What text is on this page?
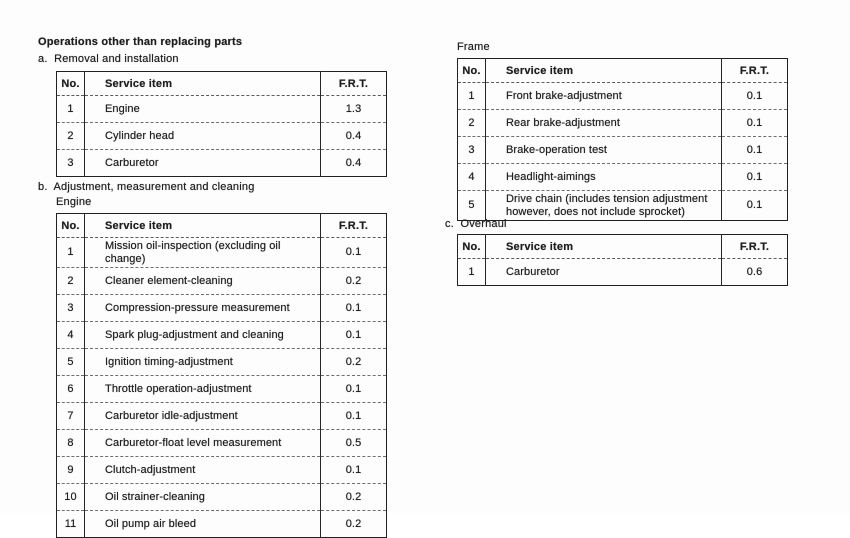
Operations other than replacing parts
a.  Removal and installation
No.	Service item	F.R.T.
1	Engine	1.3
2	Cylinder head	0.4
3	Carburetor	0.4
b.  Adjustment, measurement and cleaning
Engine
No.	Service item	F.R.T.
1	Mission oil-inspection (excluding oil change)	0.1
2	Cleaner element-cleaning	0.2
3	Compression-pressure measurement	0.1
4	Spark plug-adjustment and cleaning	0.1
5	Ignition timing-adjustment	0.2
6	Throttle operation-adjustment	0.1
7	Carburetor idle-adjustment	0.1
8	Carburetor-float level measurement	0.5
9	Clutch-adjustment	0.1
10	Oil strainer-cleaning	0.2
11	Oil pump air bleed	0.2
Frame
No.	Service item	F.R.T.
1	Front brake-adjustment	0.1
2	Rear brake-adjustment	0.1
3	Brake-operation test	0.1
4	Headlight-aimings	0.1
5	Drive chain (includes tension adjustment however, does not include sprocket)	0.1
c.  Overhaul
No.	Service item	F.R.T.
1	Carburetor	0.6
